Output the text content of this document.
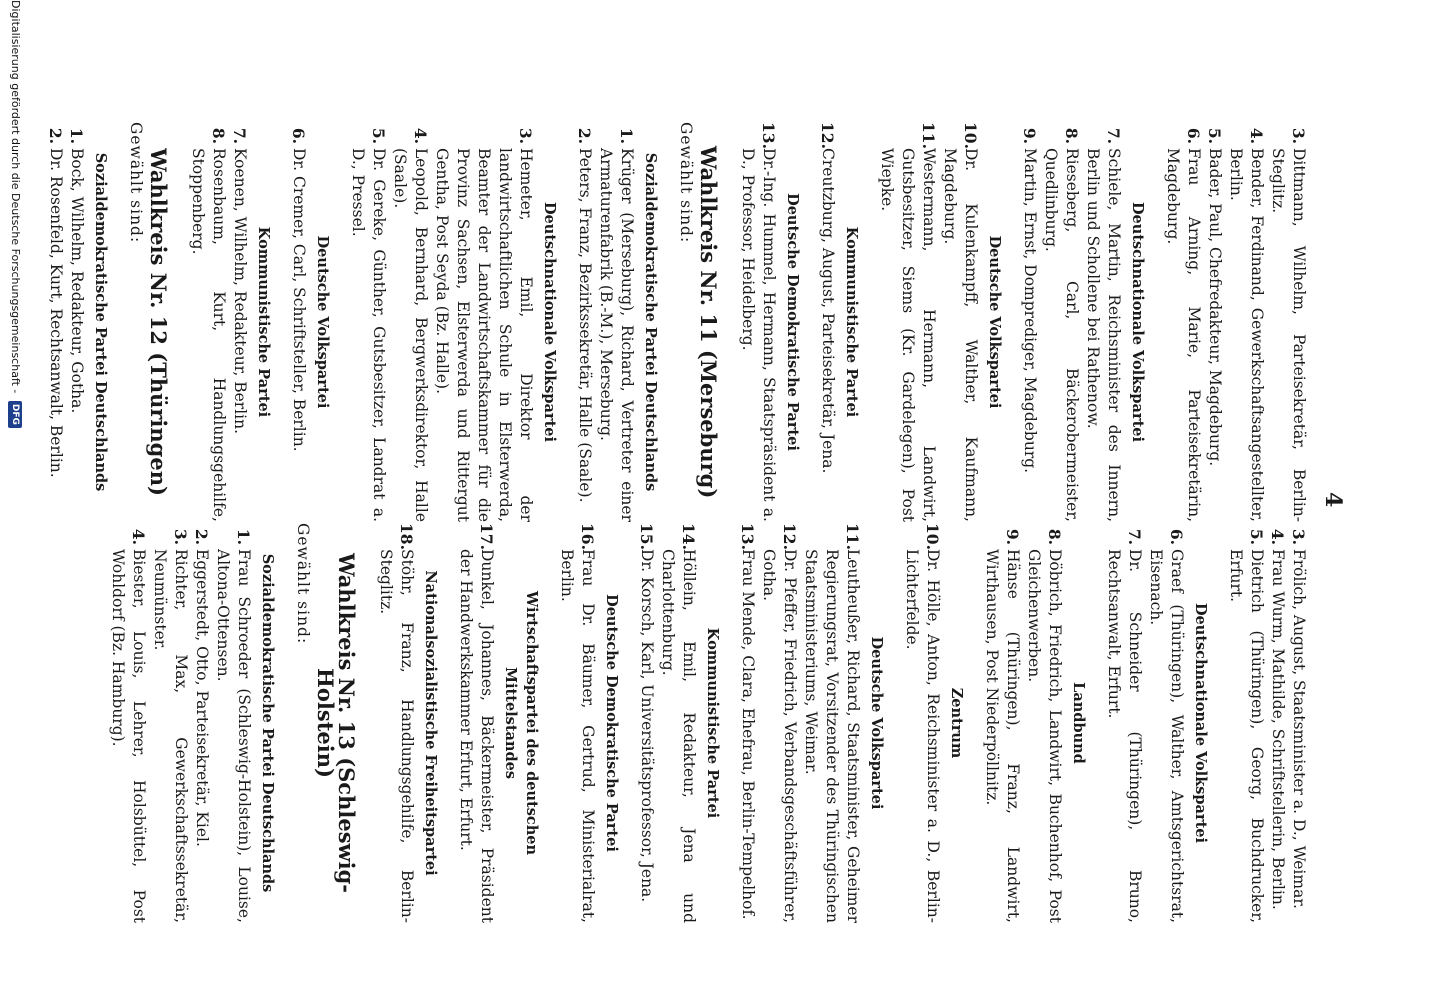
4
3.
Dittmann, Wilhelm, Parteisekretär, Berlin-Steglitz.
4.
Bender, Ferdinand, Gewerkschaftsangestellter, Berlin.
5.
Bader, Paul, Chefredakteur, Magdeburg.
6.
Frau Arning, Marie, Parteisekretärin, Magdeburg.
Deutschnationale Volkspartei
7.
Schiele, Martin, Reichsminister des Innern, Berlin und Schollene bei Rathenow.
8.
Rieseberg, Carl, Bäckerobermeister, Quedlinburg.
9.
Martin, Ernst, Domprediger, Magdeburg.
Deutsche Volkspartei
10.
Dr. Kulenkampff, Walther, Kaufmann, Magdeburg.
11.
Westermann, Hermann, Landwirt, Gutsbesitzer, Siems (Kr. Gardelegen), Post Wiepke.
Kommunistische Partei
12.
Creutzburg, August, Parteisekretär, Jena.
Deutsche Demokratische Partei
13.
Dr.-Ing. Hummel, Hermann, Staatspräsident a. D., Professor, Heidelberg.
Wahlkreis Nr. 11 (Merseburg)
Gewählt sind:
Sozialdemokratische Partei Deutschlands
1.
Krüger (Merseburg), Richard, Vertreter einer Armaturenfabrik (B.-M.), Merseburg.
2.
Peters, Franz, Bezirkssekretär, Halle (Saale).
Deutschnationale Volkspartei
3.
Hemeter, Emil, Direktor der landwirtschaftlichen Schule in Elsterwerda, Beamter der Landwirtschaftskammer für die Provinz Sachsen, Elsterwerda und Rittergut Gentha, Post Seyda (Bz. Halle).
4.
Leopold, Bernhard, Bergwerksdirektor, Halle (Saale).
5.
Dr. Gereke, Günther, Gutsbesitzer, Landrat a. D., Pressel.
Deutsche Volkspartei
6.
Dr. Cremer, Carl, Schriftsteller, Berlin.
Kommunistische Partei
7.
Koenen, Wilhelm, Redakteur, Berlin.
8.
Rosenbaum, Kurt, Handlungsgehilfe, Stoppenberg.
Wahlkreis Nr. 12 (Thüringen)
Gewählt sind:
Sozialdemokratische Partei Deutschlands
1.
Bock, Wilhelm, Redakteur, Gotha.
2.
Dr. Rosenfeld, Kurt, Rechtsanwalt, Berlin.
3.
Frölich, August, Staatsminister a. D., Weimar.
4.
Frau Wurm, Mathilde, Schriftstellerin, Berlin.
5.
Dietrich (Thüringen), Georg, Buchdrucker, Erfurt.
Deutschnationale Volkspartei
6.
Graef (Thüringen), Walther, Amtsgerichtsrat, Eisenach.
7.
Dr. Schneider (Thüringen), Bruno, Rechtsanwalt, Erfurt.
Landbund
8.
Döbrich, Friedrich, Landwirt, Buchenhof, Post Gleichenwerben.
9.
Hänse (Thüringen), Franz, Landwirt, Wirthausen, Post Niederpöllnitz.
Zentrum
10.
Dr. Hölle, Anton, Reichsminister a. D., Berlin-Lichterfelde.
Deutsche Volkspartei
11.
Leutheußer, Richard, Staatsminister, Geheimer Regierungsrat, Vorsitzender des Thüringischen Staatsministeriums, Weimar.
12.
Dr. Pfeffer, Friedrich, Verbandsgeschäftsführer, Gotha.
13.
Frau Mende, Clara, Ehefrau, Berlin-Tempelhof.
Kommunistische Partei
14.
Höllein, Emil, Redakteur, Jena und Charlottenburg.
15.
Dr. Korsch, Karl, Universitätsprofessor, Jena.
Deutsche Demokratische Partei
16.
Frau Dr. Bäumer, Gertrud, Ministerialrat, Berlin.
Wirtschaftspartei des deutschen Mittelstandes
17.
Dunkel, Johannes, Bäckermeister, Präsident der Handwerkskammer Erfurt, Erfurt.
Nationalsozialistische Freiheitspartei
18.
Stöhr, Franz, Handlungsgehilfe, Berlin-Steglitz.
Wahlkreis Nr. 13 (Schleswig-Holstein)
Gewählt sind:
Sozialdemokratische Partei Deutschlands
1.
Frau Schroeder (Schleswig-Holstein), Louise, Altona-Ottensen.
2.
Eggerstedt, Otto, Parteisekretär, Kiel.
3.
Richter, Max, Gewerkschaftssekretär, Neumünster.
4.
Biester, Louis, Lehrer, Holsbüttel, Post Wohldorf (Bz. Hamburg).
Digitalisierung gefördert durch die Deutsche Forschungsgemeinschaft - DFG
